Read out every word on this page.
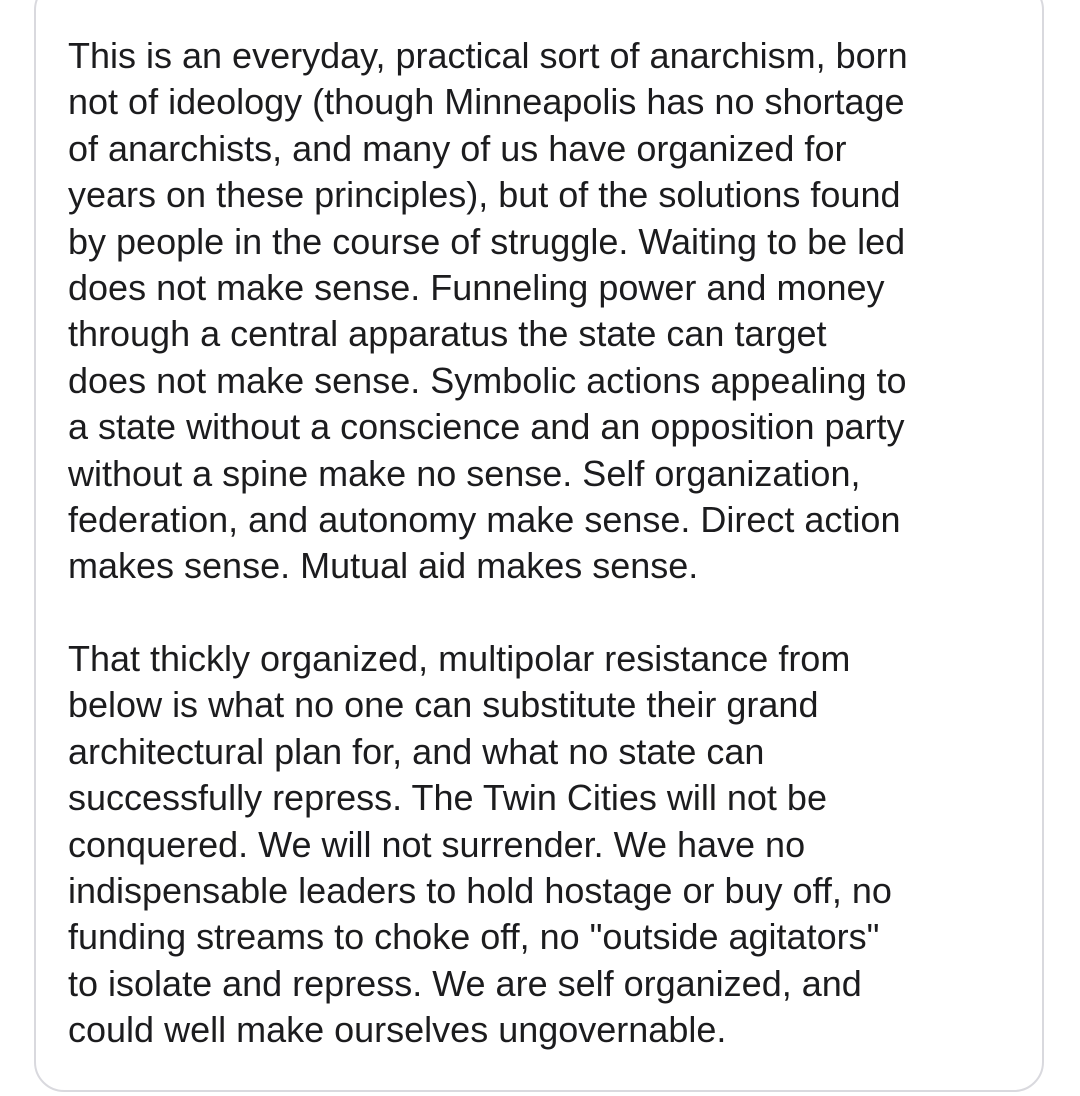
This is an everyday, practical sort of anarchism, born
not of ideology (though Minneapolis has no shortage
of anarchists, and many of us have organized for
years on these principles), but of the solutions found
by people in the course of struggle. Waiting to be led
does not make sense. Funneling power and money
through a central apparatus the state can target
does not make sense. Symbolic actions appealing to
a state without a conscience and an opposition party
without a spine make no sense. Self organization,
federation, and autonomy make sense. Direct action
makes sense. Mutual aid makes sense.
That thickly organized, multipolar resistance from
below is what no one can substitute their grand
architectural plan for, and what no state can
successfully repress. The Twin Cities will not be
conquered. We will not surrender. We have no
indispensable leaders to hold hostage or buy off, no
funding streams to choke off, no "outside agitators"
to isolate and repress. We are self organized, and
could well make ourselves ungovernable.
